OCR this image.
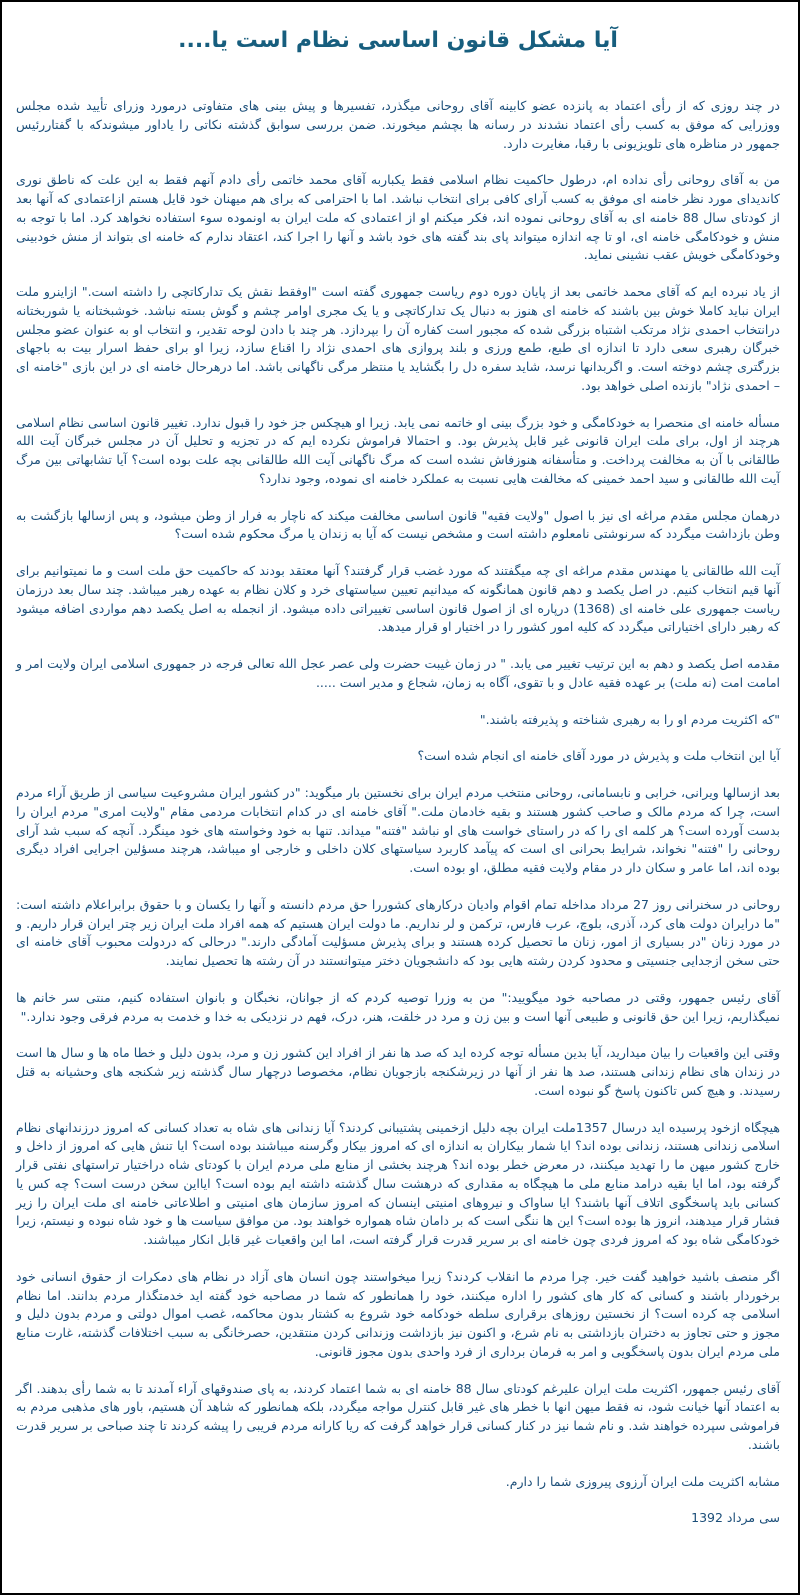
آیا مشکل قانون اساسی نظام است یا....

در چند روزی که از رأی اعتماد به پانزده عضو کابینه آقای روحانی میگذرد، تفسیرها و پیش بینی های متفاوتی درمورد وزرای تأیید شده مجلس ووزرایی که موفق به کسب رأی اعتماد نشدند در رسانه ها بچشم میخورند. ضمن بررسی سوابق گذشته نکاتی را یاداور میشوندکه با گفتاررئیس جمهور در مناظره های تلویزیونی با رقبا، مغایرت دارد.

من به آقای روحانی رأی نداده ام، درطول حاکمیت نظام اسلامی فقط یکباربه آقای محمد خاتمی رأی دادم آنهم فقط به این علت که ناطق نوری کاندیدای مورد نظر خامنه ای موفق به کسب آرای کافی برای انتخاب نباشد. اما با احترامی که برای هم میهنان خود قایل هستم ازاعتمادی که آنها بعد از کودتای سال 88 خامنه ای به آقای روحانی نموده اند، فکر میکنم او از اعتمادی که ملت ایران به اونموده سوء استفاده نخواهد کرد. اما با توجه به منش و خودکامگی خامنه ای، او تا چه اندازه میتواند پای بند گفته های خود باشد و آنها را اجرا کند، اعتقاد ندارم که خامنه ای بتواند از منش خودبینی وخودکامگی خویش عقب نشینی نماید.

از یاد نبرده ایم که آقای محمد خاتمی بعد از پایان دوره دوم ریاست جمهوری گفته است "اوفقط نقش یک تدارکاتچی را داشته است." ازاینرو ملت ایران نباید کاملا خوش بین باشند که خامنه ای هنوز به دنبال یک تدارکاتچی و یا یک مجری اوامر چشم و گوش بسته نباشد. خوشبختانه یا شوربختانه درانتخاب احمدی نژاد مرتکب اشتباه بزرگی شده که مجبور است کفاره آن را بپردازد. هر چند با دادن لوحه تقدیر، و انتخاب او به عنوان عضو مجلس خبرگان رهبری سعی دارد تا اندازه ای طبع، طمع ورزی و بلند پروازی های احمدی نژاد را اقناع سازد، زیرا او برای حفظ اسرار بیت به باجهای بزرگتری چشم دوخته است. و اگربدانها نرسد، شاید سفره دل را بگشاید یا منتظر مرگی ناگهانی باشد. اما درهرحال خامنه ای در این بازی "خامنه ای – احمدی نژاد" بازنده اصلی خواهد بود.

مسأله خامنه ای منحصرا به خودکامگی و خود بزرگ بینی او خاتمه نمی یابد. زیرا او هیچکس جز خود را قبول ندارد. تغییر قانون اساسی نظام اسلامی هرچند از اول، برای ملت ایران قانونی غیر قابل پذیرش بود. و احتمالا فراموش نکرده ایم که در تجزیه و تحلیل آن در مجلس خبرگان آیت الله طالقانی با آن به مخالفت پرداخت. و متأسفانه هنوزفاش نشده است که مرگ ناگهانی آیت الله طالقانی بچه علت بوده است؟ آیا تشابهاتی بین مرگ آیت الله طالقانی و سید احمد خمینی که مخالفت هایی نسبت به عملکرد خامنه ای نموده، وجود ندارد؟

درهمان مجلس مقدم مراغه ای نیز با اصول "ولایت فقیه" قانون اساسی مخالفت میکند که ناچار به فرار از وطن میشود، و پس ازسالها بازگشت به وطن بازداشت میگردد که سرنوشتی نامعلوم داشته است و مشخص نیست که آیا به زندان یا مرگ محکوم شده است؟

آیت الله طالقانی یا مهندس مقدم مراغه ای چه میگفتند که مورد غضب قرار گرفتند؟ آنها معتقد بودند که حاکمیت حق ملت است و ما نمیتوانیم برای آنها قیم انتخاب کنیم. در اصل یکصد و دهم قانون همانگونه که میدانیم تعیین سیاستهای خرد و کلان نظام به عهده رهبر میباشد. چند سال بعد درزمان ریاست جمهوری علی خامنه ای (1368) درپاره ای از اصول قانون اساسی تغییراتی داده میشود. از انجمله به اصل یکصد دهم مواردی اضافه میشود که رهبر دارای اختیاراتی میگردد که کلیه امور کشور را در اختیار او قرار میدهد.

مقدمه اصل یکصد و دهم به این ترتیب تغییر می یابد. " در زمان غیبت حضرت ولی عصر عجل الله تعالی فرجه در جمهوری اسلامی ایران ولایت امر و امامت امت (نه ملت) بر عهده فقیه عادل و با تقوی، آگاه به زمان، شجاع و مدیر است .....

"که اکثریت مردم او را به رهبری شناخته و پذیرفته باشند."

آیا این انتخاب ملت و پذیرش در مورد آقای خامنه ای انجام شده است؟

بعد ازسالها ویرانی، خرابی و نابسامانی، روحانی منتخب مردم ایران برای نخستین بار میگوید: "در کشور ایران مشروعیت سیاسی از طریق آراء مردم است، چرا که مردم مالک و صاحب کشور هستند و بقیه خادمان ملت." آقای خامنه ای در کدام انتخابات مردمی مقام "ولایت امری" مردم ایران را بدست آورده است؟ هر کلمه ای را که در راستای خواست های او نباشد "فتنه" میداند. تنها به خود وخواسته های خود مینگرد. آنچه که سبب شد آرای روحانی را "فتنه" نخواند، شرایط بحرانی ای است که پیآمد کاربرد سیاستهای کلان داخلی و خارجی او میباشد، هرچند مسؤلین اجرایی افراد دیگری بوده اند، اما عامر و سکان دار در مقام ولایت فقیه مطلق، او بوده است.

روحانی در سخنرانی روز 27 مرداد مداخله تمام اقوام وادیان درکارهای کشوررا حق مردم دانسته و آنها را یکسان و با حقوق برابراعلام داشته است: "ما درایران دولت های کرد، آذری، بلوچ، عرب فارس، ترکمن و لر نداریم. ما دولت ایران هستیم که همه افراد ملت ایران زیر چتر ایران قرار داریم. و در مورد زنان "در بسیاری از امور، زنان ما تحصیل کرده هستند و برای پذیرش مسؤلیت آمادگی دارند." درحالی که دردولت محبوب آقای خامنه ای حتی سخن ازجدایی جنسیتی و محدود کردن رشته هایی بود که دانشجویان دختر میتوانستند در آن رشته ها تحصیل نمایند.

آقای رئیس جمهور، وقتی در مصاحبه خود میگویید:" من به وزرا توصیه کردم که از جوانان، نخبگان و بانوان استفاده کنیم، منتی سر خانم ها نمیگذاریم، زیرا این حق قانونی و طبیعی آنها است و بین زن و مرد در خلقت، هنر، درک، فهم در نزدیکی به خدا و خدمت به مردم فرقی وجود ندارد."

وقتی این واقعیات را بیان میدارید، آیا بدین مسأله توجه کرده اید که صد ها نفر از افراد این کشور زن و مرد، بدون دلیل و خطا ماه ها و سال ها است در زندان های نظام زندانی هستند، صد ها نفر از آنها در زیرشکنجه بازجویان نظام، مخصوصا درچهار سال گذشته زیر شکنجه های وحشیانه به قتل رسیدند. و هیچ کس تاکنون پاسخ گو نبوده است.

هیچگاه ازخود پرسیده اید درسال 1357ملت ایران بچه دلیل ازخمینی پشتیبانی کردند؟ آیا زندانی های شاه به تعداد کسانی که امروز درزندانهای نظام اسلامی زندانی هستند، زندانی بوده اند؟ ایا شمار بیکاران به اندازه ای که امروز بیکار وگرسنه میباشند بوده است؟ ایا تنش هایی که امروز از داخل و خارج کشور میهن ما را تهدید میکنند، در معرض خطر بوده اند؟ هرچند بخشی از منابع ملی مردم ایران با کودتای شاه دراختیار تراستهای نفتی قرار گرفته بود، اما ایا بقیه درامد منابع ملی ما هیچگاه به مقداری که درهشت سال گذشته داشته ایم بوده است؟ ایااین سخن درست است؟ چه کس یا کسانی باید پاسخگوی اتلاف آنها باشند؟ ایا ساواک و نیروهای امنیتی اینسان که امروز سازمان های امنیتی و اطلاعاتی خامنه ای ملت ایران را زیر فشار قرار میدهند، انروز ها بوده است؟ این ها ننگی است که بر دامان شاه همواره خواهند بود. من موافق سیاست ها و خود شاه نبوده و نیستم، زیرا خودکامگی شاه بود که امروز فردی چون خامنه ای بر سریر قدرت قرار گرفته است، اما این واقعیات غیر قابل انکار میباشند.

اگر منصف باشید خواهید گفت خیر. چرا مردم ما انقلاب کردند؟ زیرا میخواستند چون انسان های آزاد در نظام های دمکرات از حقوق انسانی خود برخوردار باشند و کسانی که کار های کشور را اداره میکنند، خود را همانطور که شما در مصاحبه خود گفته اید خدمتگذار مردم بدانند. اما نظام اسلامی چه کرده است؟ از نخستین روزهای برقراری سلطه خودکامه خود شروع به کشتار بدون محاکمه، غصب اموال دولتی و مردم بدون دلیل و مجوز و حتی تجاوز به دختران بازداشتی به نام شرع، و اکنون نیز بازداشت وزندانی کردن منتقدین، حصرخانگی به سبب اختلافات گذشته، غارت منابع ملی مردم ایران بدون پاسخگویی و امر به فرمان برداری از فرد واحدی بدون مجوز قانونی.

آقای رئیس جمهور، اکثریت ملت ایران علیرغم کودتای سال 88 خامنه ای به شما اعتماد کردند، به پای صندوقهای آراء آمدند تا به شما رأی بدهند. اگر به اعتماد آنها خیانت شود، نه فقط میهن انها با خطر های غیر قابل کنترل مواجه میگردد، بلکه همانطور که شاهد آن هستیم، باور های مذهبی مردم به فراموشی سپرده خواهند شد. و نام شما نیز در کنار کسانی قرار خواهد گرفت که ریا کارانه مردم فریبی را پیشه کردند تا چند صباحی بر سریر قدرت باشند.

مشابه اکثریت ملت ایران آرزوی پیروزی شما را دارم.

سی مرداد 1392
